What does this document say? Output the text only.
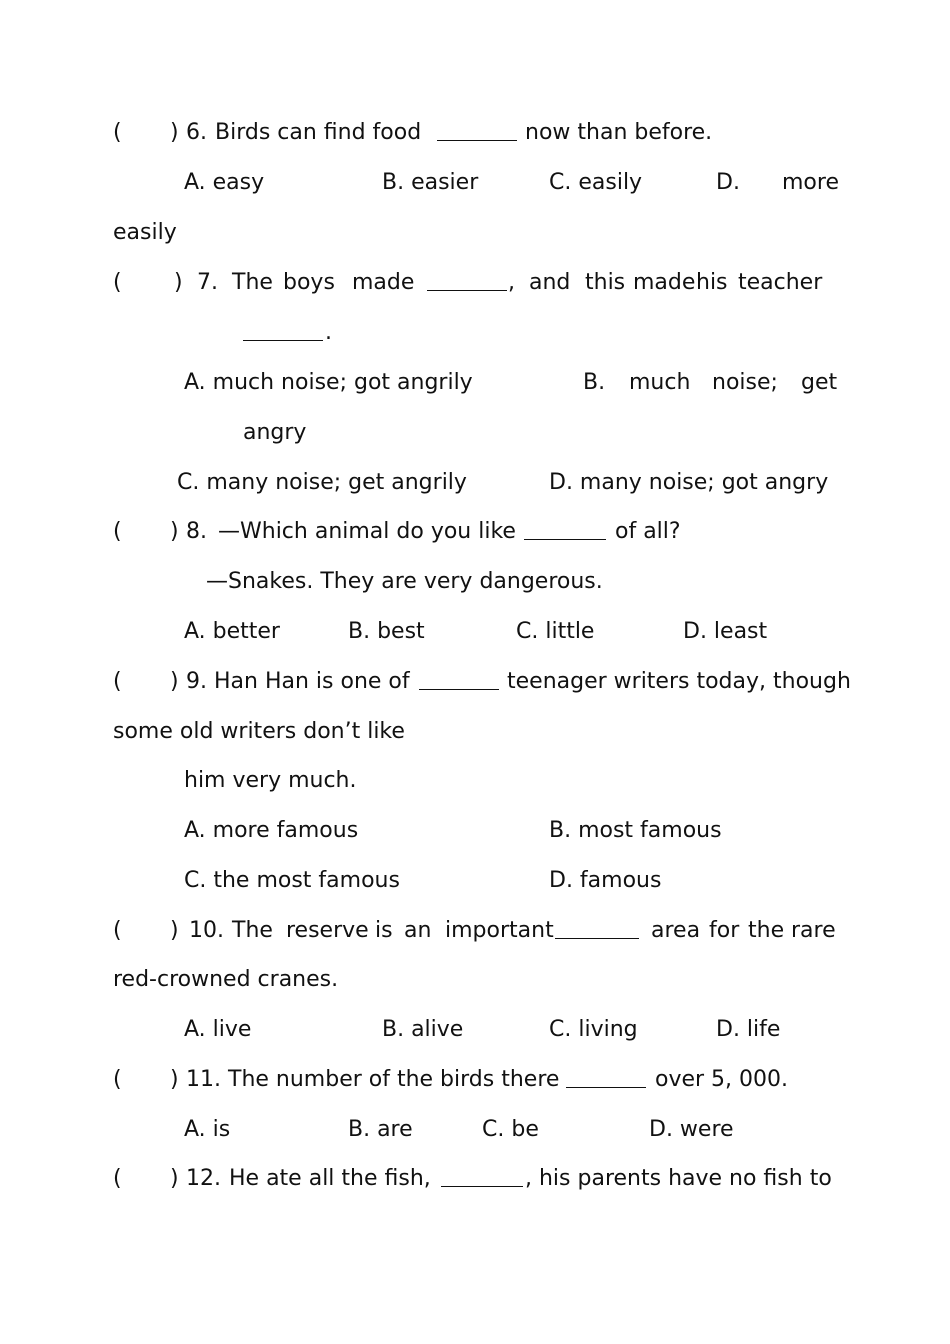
( ) 6. Birds can find food	now than before.
A. easy	B. easier	C. easily	D. more
easily
( ) 7. The boys made	, and this made his teacher
.
A. much noise; got angrily	B. much noise; get
angry
C. many noise; get angrily	D. many noise; got angry
( ) 8. —Which animal do you like	of all?
—Snakes. They are very dangerous.
A. better	B. best	C. little	D. least
( ) 9. Han Han is one of	teenager writers today, though
some old writers don’t like
him very much.
A. more famous	B. most famous
C. the most famous	D. famous
( ) 10. The reserve is an important	area for the rare
red-crowned cranes.
A. live	B. alive	C. living	D. life
( ) 11. The number of the birds there	over 5, 000.
A. is	B. are	C. be	D. were
( ) 12. He ate all the fish,	, his parents have no fish to
